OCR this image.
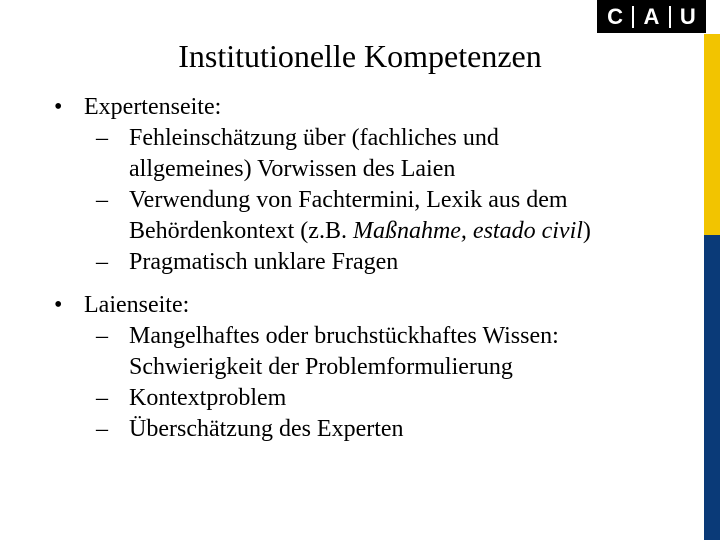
C A U
Institutionelle Kompetenzen
• Expertenseite:
– Fehleinschätzung über (fachliches und
allgemeines) Vorwissen des Laien
– Verwendung von Fachtermini, Lexik aus dem
Behördenkontext (z.B. Maßnahme, estado civil)
– Pragmatisch unklare Fragen
• Laienseite:
– Mangelhaftes oder bruchstückhaftes Wissen:
Schwierigkeit der Problemformulierung
– Kontextproblem
– Überschätzung des Experten
